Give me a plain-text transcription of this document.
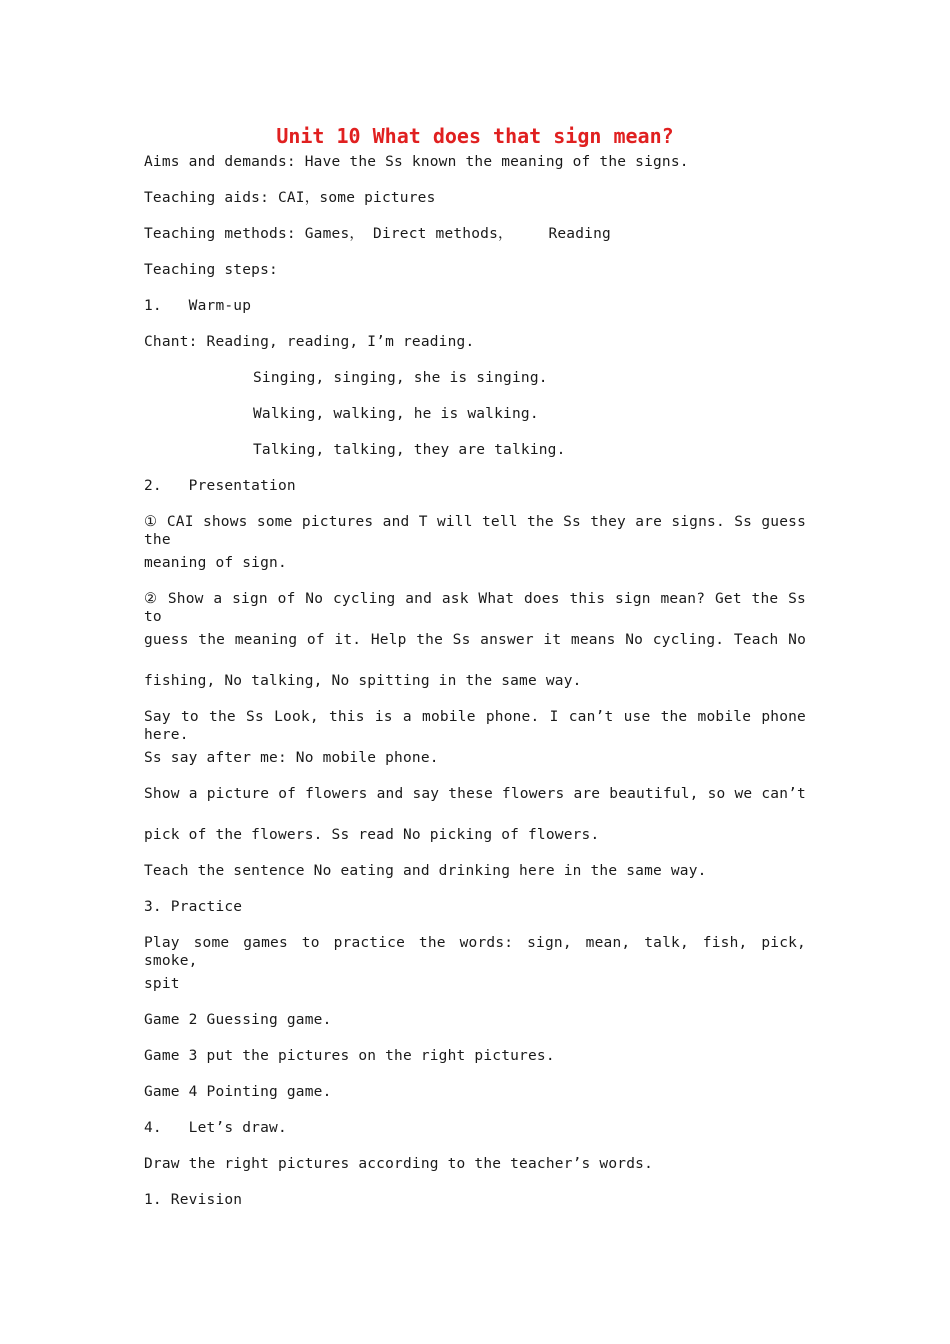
Unit 10 What does that sign mean?
Aims and demands: Have the Ss known the meaning of the signs.
Teaching aids: CAI，some pictures
Teaching methods: Games， Direct methods，    Reading
Teaching steps:
1.   Warm-up
Chant: Reading, reading, I’m reading.
Singing, singing, she is singing.
Walking, walking, he is walking.
Talking, talking, they are talking.
2.   Presentation
① CAI shows some pictures and T will tell the Ss they are signs. Ss guess the
meaning of sign.
② Show a sign of No cycling and ask What does this sign mean? Get the Ss to
guess the meaning of it. Help the Ss answer it means No cycling. Teach No
fishing, No talking, No spitting in the same way.
Say to the Ss Look, this is a mobile phone. I can’t use the mobile phone here.
Ss say after me: No mobile phone.
Show a picture of flowers and say these flowers are beautiful, so we can’t
pick of the flowers. Ss read No picking of flowers.
Teach the sentence No eating and drinking here in the same way.
3. Practice
Play some games to practice the words: sign, mean, talk, fish, pick, smoke,
spit
Game 2 Guessing game.
Game 3 put the pictures on the right pictures.
Game 4 Pointing game.
4.   Let’s draw.
Draw the right pictures according to the teacher’s words.
1. Revision
